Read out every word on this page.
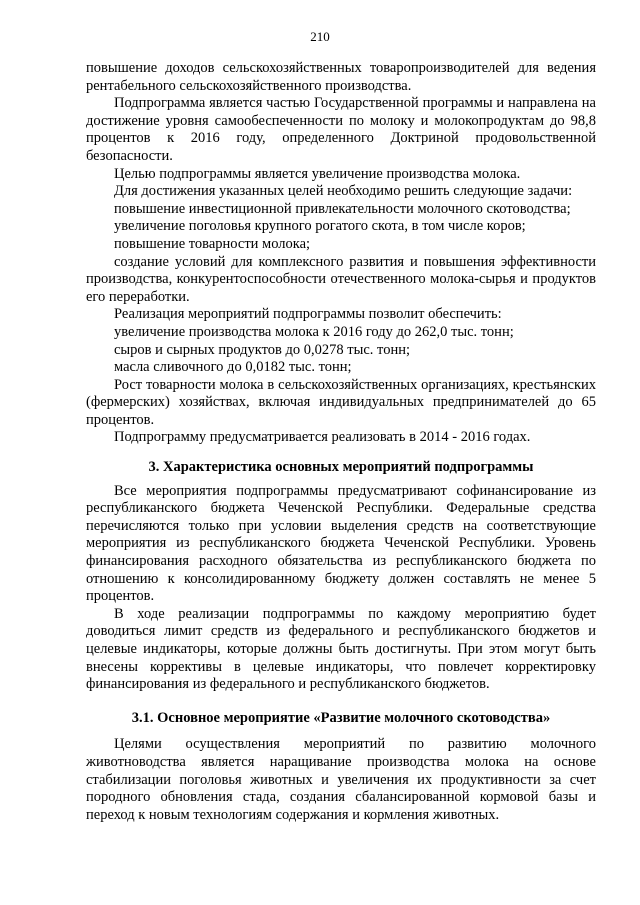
210

повышение доходов сельскохозяйственных товаропроизводителей для ведения рентабельного сельскохозяйственного производства.

Подпрограмма является частью Государственной программы и направлена на достижение уровня самообеспеченности по молоку и молокопродуктам до 98,8 процентов к 2016 году, определенного Доктриной продовольственной безопасности.

Целью подпрограммы является увеличение производства молока.

Для достижения указанных целей необходимо решить следующие задачи:

повышение инвестиционной привлекательности молочного скотоводства;

увеличение поголовья крупного рогатого скота, в том числе коров;

повышение товарности молока;

создание условий для комплексного развития и повышения эффективности производства, конкурентоспособности отечественного молока-сырья и продуктов его переработки.

Реализация мероприятий подпрограммы позволит обеспечить:

увеличение производства молока к 2016 году до 262,0 тыс. тонн;

сыров и сырных продуктов до 0,0278 тыс. тонн;

масла сливочного до 0,0182 тыс. тонн;

Рост товарности молока в сельскохозяйственных организациях, крестьянских (фермерских) хозяйствах, включая индивидуальных предпринимателей до 65 процентов.

Подпрограмму предусматривается реализовать в 2014 - 2016 годах.

3. Характеристика основных мероприятий подпрограммы

Все мероприятия подпрограммы предусматривают софинансирование из республиканского бюджета Чеченской Республики. Федеральные средства перечисляются только при условии выделения средств на соответствующие мероприятия из республиканского бюджета Чеченской Республики. Уровень финансирования расходного обязательства из республиканского бюджета по отношению к консолидированному бюджету должен составлять не менее 5 процентов.

В ходе реализации подпрограммы по каждому мероприятию будет доводиться лимит средств из федерального и республиканского бюджетов и целевые индикаторы, которые должны быть достигнуты. При этом могут быть внесены коррективы в целевые индикаторы, что повлечет корректировку финансирования из федерального и республиканского бюджетов.

3.1. Основное мероприятие «Развитие молочного скотоводства»

Целями осуществления мероприятий по развитию молочного животноводства является наращивание производства молока на основе стабилизации поголовья животных и увеличения их продуктивности за счет породного обновления стада, создания сбалансированной кормовой базы и переход к новым технологиям содержания и кормления животных.
